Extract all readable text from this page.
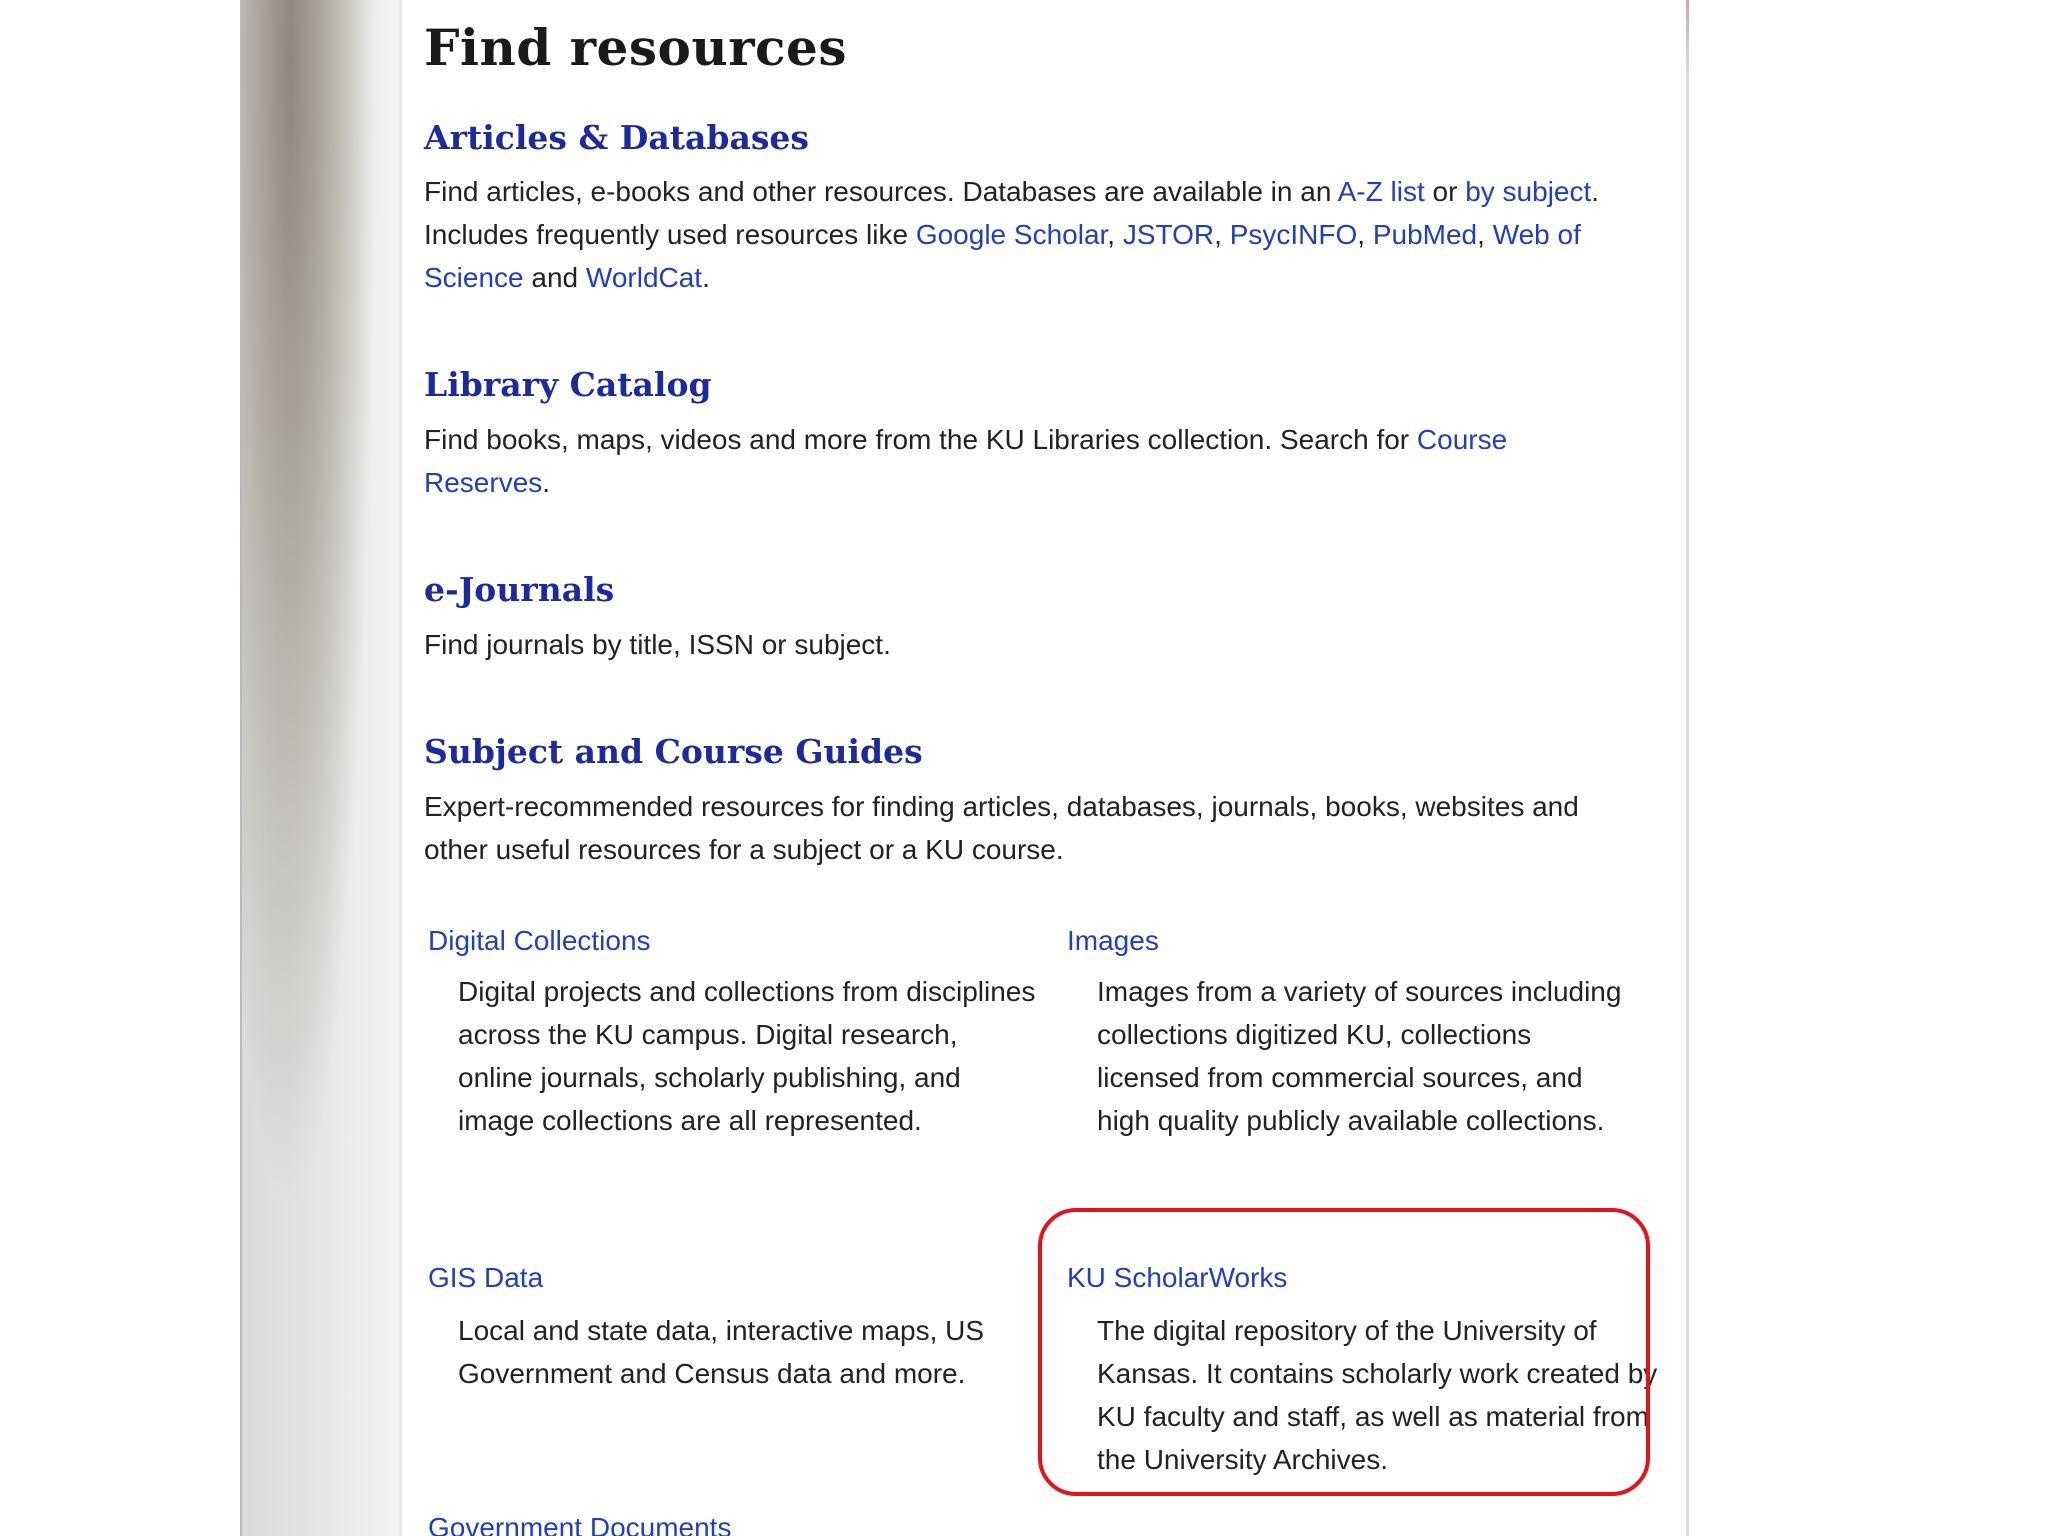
Find resources
Articles & Databases

Find articles, e-books and other resources. Databases are available in an A-Z list or by subject. Includes frequently used resources like Google Scholar, JSTOR, PsycINFO, PubMed, Web of Science and WorldCat.

Library Catalog

Find books, maps, videos and more from the KU Libraries collection. Search for Course Reserves.

e-Journals

Find journals by title, ISSN or subject.

Subject and Course Guides

Expert-recommended resources for finding articles, databases, journals, books, websites and other useful resources for a subject or a KU course.

Digital Collections

Digital projects and collections from disciplines across the KU campus. Digital research, online journals, scholarly publishing, and image collections are all represented.

Images

Images from a variety of sources including collections digitized KU, collections licensed from commercial sources, and high quality publicly available collections.

GIS Data

Local and state data, interactive maps, US Government and Census data and more.

KU ScholarWorks

The digital repository of the University of Kansas. It contains scholarly work created by KU faculty and staff, as well as material from the University Archives.

Government Documents
